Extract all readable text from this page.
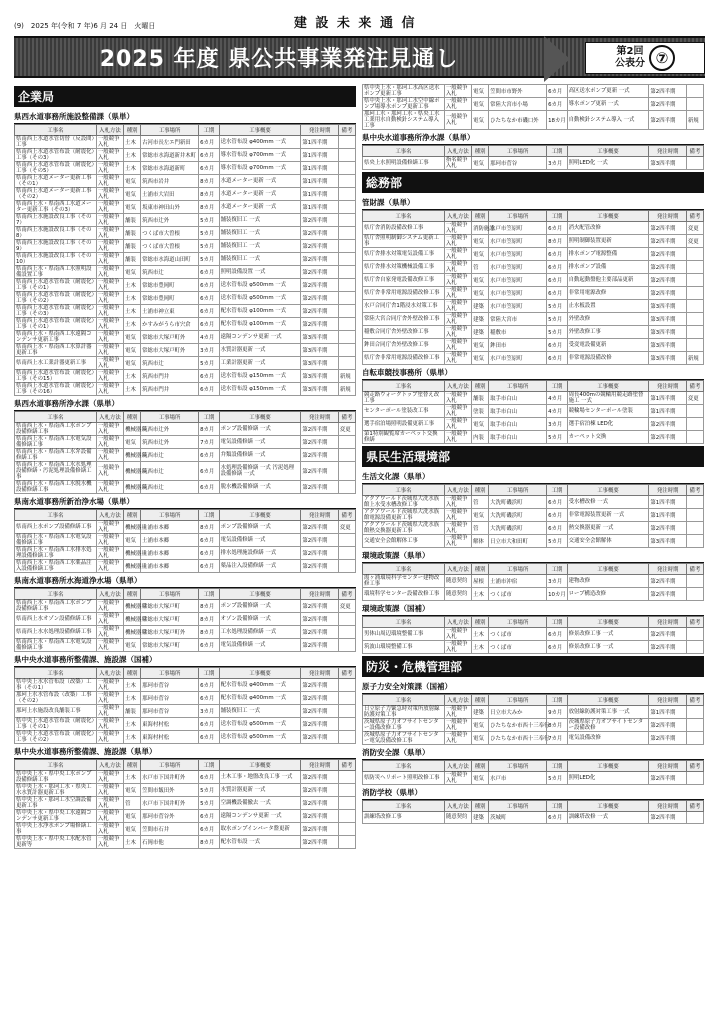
(9)　2025 年(令和 7 年)6 月 24 日　火曜日	建 設 未 来 通 信
2025 年度 県公共事業発注見通し	第2回
公表分 ⑦
企業局
県西水道事務所施設整備課（県単）
工事名	入札方法	種別	工事場所	工期	工事概要	発注時期	備考
県南西上水道水管切替（反設間）工事	一般競争入札	土木	古河市長左エ門新田	6カ月	送水管布設 φ400mm 一式	第1四半期	
県南西上水道水管布設（耐震化）工事（その3）	一般競争入札	土木	常総市水海道新井木町	6カ月	導水管布設 φ700mm 一式	第1四半期	
県南西上水道水管布設（耐震化）工事（その5）	一般競争入札	土木	常総市水海道新町	6カ月	導水管布設 φ700mm 一式	第1四半期	
県南西上水道メーター更新工事（その1）	一般競争入札	電気	筑西市岩井	8カ月	水道メーター更新 一式	第1四半期	
県南西上水道メーター更新工事（その2）	一般競争入札	電気	土浦市大岩田	8カ月	水道メーター更新 一式	第1四半期	
県南西上水・県南西工水道メーター更新工事（その3）	一般競争入札	電気	坂東市神田山外	8カ月	水道メーター更新 一式	第1四半期	
県南西上水施設改良工事（その7）	一般競争入札	舗装	筑西市辻外	5カ月	舗装復旧工 一式	第2四半期	
県南西上水施設改良工事（その8）	一般競争入札	舗装	つくば市大曽根	5カ月	舗装復旧工 一式	第2四半期	
県南西上水施設改良工事（その9）	一般競争入札	舗装	つくば市大曽根	5カ月	舗装復旧工 一式	第2四半期	
県南西上水施設改良工事（その10）	一般競争入札	舗装	常総市水海道山田町	5カ月	舗装復旧工 一式	第2四半期	
県南西上水・県南西工水照明設備設置工事	一般競争入札	電気	筑西市辻	6カ月	照明設備設置 一式	第2四半期	
県南西上水道水管布設（耐震化）工事（その1）	一般競争入札	土木	常総市豊岡町	6カ月	送水管布設 φ500mm 一式	第2四半期	
県南西上水道水管布設（耐震化）工事（その2）	一般競争入札	土木	常総市豊岡町	6カ月	送水管布設 φ500mm 一式	第2四半期	
県南西上水道水管布設（耐震化）工事（その3）	一般競争入札	土木	土浦市神立東	6カ月	配水管布設 φ100mm 一式	第2四半期	
県南西上水道水管布設（耐震化）工事（その1）	一般競争入札	土木	かすみがうら市宍倉	6カ月	配水管布設 φ100mm 一式	第2四半期	
県南西上水・県南西工水遠隔コンデンサ更新工事	一般競争入札	電気	常総市大塚戸町外	4カ月	遠隔コンデンサ更新 一式	第3四半期	
県南西上水・県南西工水算計器更新工事	一般競争入札	電気	常総市大塚戸町外	3カ月	水質計器更新 一式	第3四半期	
県南西上水工業計器更新工事	一般競争入札	電気	筑西市辻	5カ月	工業計器更新 一式	第3四半期	
県南西上水道水管布設（耐震化）工事（その15）	一般競争入札	土木	筑西市門井	6カ月	送水管布設 φ150mm 一式	第3四半期	新規
県南西上水道水管布設（耐震化）工事（その16）	一般競争入札	土木	筑西市門井	6カ月	送水管布設 φ150mm 一式	第3四半期	新規
県西水道事務所浄水課（県単）
工事名	入札方法	種別	工事場所	工期	工事概要	発注時期	備考
県南西上水・県南西工水ポンプ設備修繕工事	一般競争入札	機械器具	筑西市辻外	8カ月	ポンプ設備修繕 一式	第2四半期	変更
県南西上水・県南西工水電気設備修繕工事	一般競争入札	電気	筑西市辻外	7カ月	電気設備修繕 一式	第2四半期	
県南西上水・県南西工水弁設備修繕工事	一般競争入札	機械器具	筑西市辻	6カ月	弁類設備修繕 一式	第2四半期	
県南西上水・県南西工水水処理設備修繕・汚泥処理設備修繕工事	一般競争入札	機械器具	筑西市辻	6カ月	水処理設備修繕 一式 汚泥処理設備修繕 一式	第2四半期	
県南西上水・県南西工水脱水機設備修繕工事	一般競争入札	機械器具	筑西市辻	6カ月	脱水機設備修繕 一式	第2四半期	
県南水道事務所新治浄水場（県単）
工事名	入札方法	種別	工事場所	工期	工事概要	発注時期	備考
県南西上水ポンプ設備修繕工事	一般競争入札	機械器具	土浦市本郷	8カ月	ポンプ設備修繕 一式	第2四半期	変更
県南西上水・県南西工水電気設備修繕工事	一般競争入札	電気	土浦市本郷	6カ月	電気設備修繕 一式	第2四半期	
県南西上水・県南西工水排水処理設備修繕工事	一般競争入札	機械器具	土浦市本郷	6カ月	排水処理施設修繕 一式	第2四半期	
県南西上水・県南西工水薬品注入設備修繕工事	一般競争入札	機械器具	土浦市本郷	6カ月	薬品注入設備修繕 一式	第2四半期	
県南水道事務所水海道浄水場（県単）
工事名	入札方法	種別	工事場所	工期	工事概要	発注時期	備考
県南西上水・県南西工水ポンプ設備修繕工事	一般競争入札	機械器具	常総市大塚戸町	8カ月	ポンプ設備修繕 一式	第2四半期	変更
県南西上水オゾン設備修繕工事	一般競争入札	機械器具	常総市大塚戸町	8カ月	オゾン設備修繕 一式	第2四半期	
県南西上水水処理設備修繕工事	一般競争入札	機械器具	常総市大塚戸町外	8カ月	工水処理設備修繕 一式	第2四半期	
県南西上水・県南西工水電気設備修繕工事	一般競争入札	電気	常総市大塚戸町	6カ月	電気設備修繕 一式	第2四半期	
県中央水道事務所整備課、施設課（国補）
工事名	入札方法	種別	工事場所	工期	工事概要	発注時期	備考
県中央上水水管布設（改築）工事（その1）	一般競争入札	土木	那珂市菅谷	6カ月	配水管布設 φ400mm 一式	第2四半期	
那珂上水水管布設（改築）工事（その2）	一般競争入札	土木	那珂市菅谷	6カ月	配水管布設 φ400mm 一式	第2四半期	
那珂上水施設改良舗装工事	一般競争入札	舗装	那珂市菅谷	3カ月	舗装復旧工 一式	第2四半期	
県中央上水道水管布設（耐震化）工事（その1）	一般競争入札	土木	東海村村松	6カ月	送水管布設 φ500mm 一式	第2四半期	
県中央上水道水管布設（耐震化）工事（その2）	一般競争入札	土木	東海村村松	6カ月	送水管布設 φ500mm 一式	第2四半期	
県中央水道事務所整備課、施設課（県単）
工事名	入札方法	種別	工事場所	工期	工事概要	発注時期	備考
県中央上水・県中央工水ポンプ設備修繕工事	一般競争入札	土木	水戸市下国井町外	6カ月	土木工事・地盤改良工事 一式	第2四半期	
県中央上水・那珂工水・県央工水水質計器更新工事	一般競争入札	電気	笠間市飯田外	5カ月	水質計器更新 一式	第2四半期	
県中央上水・那珂工水空調設備更新工事	一般競争入札	管	水戸市下国井町外	5カ月	空調機設備撤去 一式	第2四半期	
県中央上水・県中央工水遠隔コンデンサ更新工事	一般競争入札	電気	那珂市菅谷外	6カ月	遠隔コンデンサ更新 一式	第2四半期	
県中央上水浄水ポンプ場修繕工事	一般競争入札	電気	笠間市石井	6カ月	取水ポンプインバータ盤更新	第2四半期	
県中央上水・県中央工水配水管更新等	一般競争入札	土木	石岡市他	8カ月	配水管布設 一式	第2四半期	
県中央上水・那珂工水高区送水ポンプ更新工事	一般競争入札	電気	笠間市市野外	6カ月	高区送水ポンプ更新 一式	第2四半期	
県中央上水・那珂工水空中線ポンプ場導水ポンプ更新工事	一般競争入札	電気	常陸大宮市小場	6カ月	導水ポンプ更新 一式	第2四半期	
那珂工水・那珂工水・県央工水工業用水自動検針システム導入工事	一般競争入札	電気	ひたちなか市磯口外	18カ月	自動検針システム導入 一式	第2四半期	新規
県中央水道事務所浄水課（県単）
工事名	入札方法	種別	工事場所	工期	工事概要	発注時期	備考
県央上水照明設備修繕工事	指名競争入札	電気	那珂市菅谷	3カ月	照明LED化 一式	第3四半期	
総務部
管財課（県単）
工事名	入札方法	種別	工事場所	工期	工事概要	発注時期	備考
県庁舎消防設備改修工事	一般競争入札	消防施設	水戸市笠原町	6カ月	消火配管改修	第2四半期	変更
県庁舎照明制御システム更新工事	一般競争入札	電気	水戸市笠原町	8カ月	照明制御装置更新	第2四半期	変更
県庁舎排水対策電気設備工事	一般競争入札	電気	水戸市笠原町	6カ月	排水ポンプ電源整備	第2四半期	
県庁舎排水対策機械設備工事	一般競争入札	管	水戸市笠原町	6カ月	排水ポンプ設備	第2四半期	
県庁舎自家発電設備改修工事	一般競争入札	電気	水戸市笠原町	6カ月	自動起動盤他主要部品更新	第2四半期	
県庁舎非常用電源設備改修工事	一般競争入札	電気	水戸市笠原町	6カ月	非常用電源改修	第2四半期	
水戸合同庁舎1階浸水対策工事	一般競争入札	建築	水戸市笠原町	5カ月	止水板設置	第3四半期	
常陸大宮合同庁舎外壁改修工事	一般競争入札	建築	常陸大宮市	5カ月	外壁改修	第3四半期	
稲敷合同庁舎外壁改修工事	一般競争入札	建築	稲敷市	5カ月	外壁改修工事	第3四半期	
鉾田合同庁舎外壁改修工事	一般競争入札	電気	鉾田市	6カ月	受変電設備更新	第3四半期	
県庁舎非常用電源設備改修工事	一般競争入札	電気	水戸市笠原町	6カ月	非常電源設備改修	第3四半期	新規
自転車競技事務所（県単）
工事名	入札方法	種別	工事場所	工期	工事概要	発注時期	備考
競走路ウォークトップ塗替え改工事	一般競争入札	舗装	取手市白山	4カ月	周長400mの競輪用競走路塗替施工 一式	第1四半期	変更
センターポール塗装改工事	一般競争入札	塗装	取手市白山	4カ月	競輪場センターポール塗装	第1四半期	
選手宿泊場照明設備更新工事	一般競争入札	電気	取手市白山	3カ月	選手宿泊棟 LED化	第2四半期	
第1特別観覧席カーペット交換修繕	一般競争入札	内装	取手市白山	5カ月	カーペット交換	第2四半期	
県民生活環境部
生活文化課（県単）
工事名	入札方法	種別	工事場所	工期	工事概要	発注時期	備考
アクアワールド茨城県大洗水族館上水受水槽改修工事	一般競争入札	管	大洗町磯浜町	6カ月	受水槽改修 一式	第1四半期	
アクアワールド茨城県大洗水族館電源設備更新工事	一般競争入札	電気	大洗町磯浜町	6カ月	非常電源装置更新 一式	第1四半期	
アクアワールド茨城県大洗水族館熱交換器更新工事	一般競争入札	管	大洗町磯浜町	6カ月	熱交換器更新 一式	第2四半期	
交通安全会館解体工事	一般競争入札	解体	日立市大和田町	5カ月	交通安全会館解体	第3四半期	
環境政策課（県単）
工事名	入札方法	種別	工事場所	工期	工事概要	発注時期	備考
霞ヶ浦環境科学センター建物改修工事	随意契約	屋根	土浦市沖宿	3カ月	建物改修	第2四半期	
環境科学センター設備改修工事	随意契約	土木	つくば市	10カ月	ロープ構造改修	第2四半期	
環境政策課（国補）
工事名	入札方法	種別	工事場所	工期	工事概要	発注時期	備考
男体山周辺環境整備工事	一般競争入札	土木	つくば市	6カ月	修景改修工事 一式	第2四半期	
筑波山環境整備工事	一般競争入札	土木	つくば市	6カ月	修景改修工事 一式	第2四半期	
防災・危機管理部
原子力安全対策課（国補）
工事名	入札方法	種別	工事場所	工期	工事概要	発注時期	備考
日立原子力緊急時対策所放射線防護対策工事	一般競争入札	建築	日立市大みか	9カ月	放射線防護対策工事 一式	第1四半期	
茨城県原子力オフサイトセンター設備改修工事	一般競争入札	電気	ひたちなか市西十三奉行	8カ月	茨城県原子力オフサイトセンター設備改修	第2四半期	
茨城県原子力オフサイトセンター電気設備改修工事	一般競争入札	電気	ひたちなか市西十三奉行	7カ月	電気設備改修	第2四半期	
消防安全課（県単）
工事名	入札方法	種別	工事場所	工期	工事概要	発注時期	備考
県防災ヘリポート照明改修工事	一般競争入札	電気	水戸市	5カ月	照明LED化	第2四半期	
消防学校（県単）
工事名	入札方法	種別	工事場所	工期	工事概要	発注時期	備考
訓練塔改修工事	随意契約	建築	茨城町	6カ月	訓練塔改修 一式	第2四半期	
